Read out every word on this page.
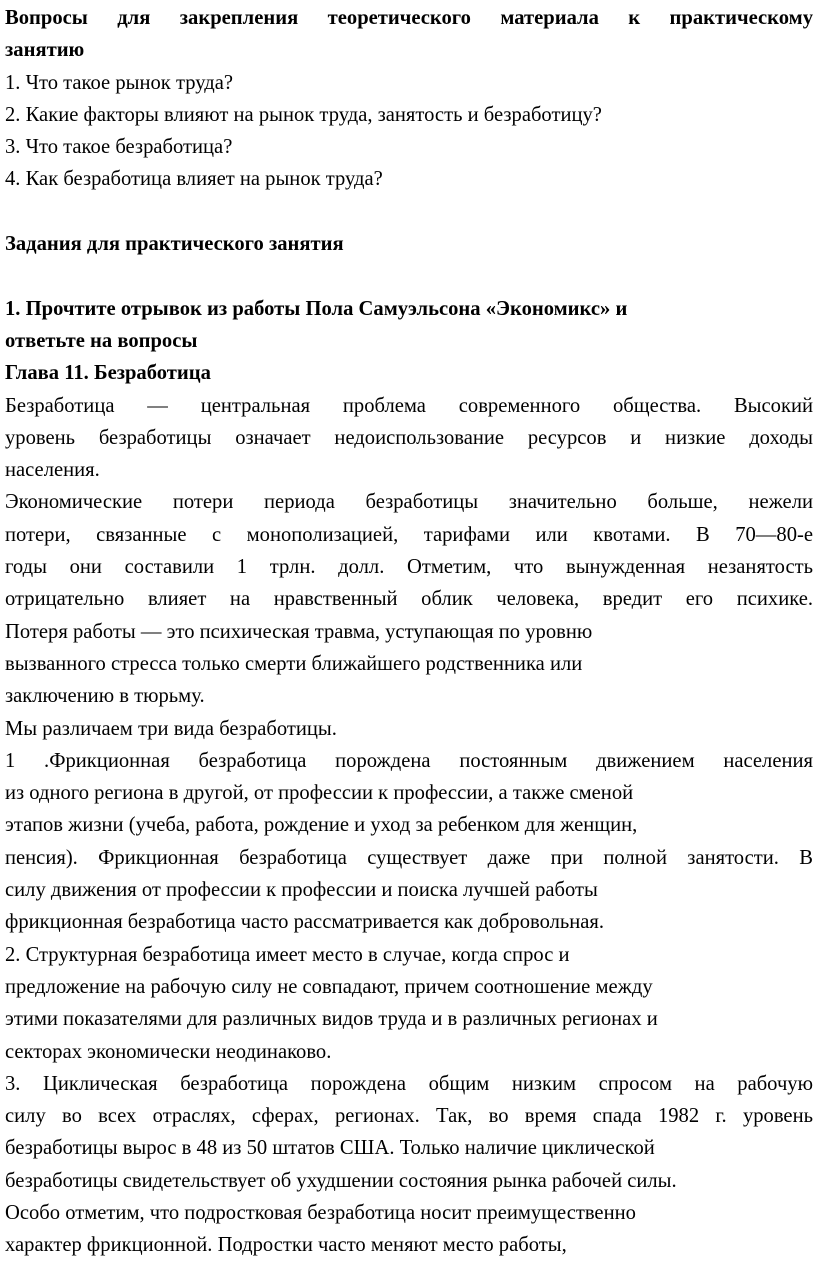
Вопросы для закрепления теоретического материала к практическому
занятию
1. Что такое рынок труда?
2. Какие факторы влияют на рынок труда, занятость и безработицу?
3. Что такое безработица?
4. Как безработица влияет на рынок труда?
Задания для практического занятия
1. Прочтите отрывок из работы Пола Самуэльсона «Экономикс» и
ответьте на вопросы
Глава 11. Безработица
Безработица — центральная проблема современного общества. Высокий
уровень безработицы означает недоиспользование ресурсов и низкие доходы
населения.
Экономические потери периода безработицы значительно больше, нежели
потери, связанные с монополизацией, тарифами или квотами. В 70—80-е
годы они составили 1 трлн. долл. Отметим, что вынужденная незанятость
отрицательно влияет на нравственный облик человека, вредит его психике.
Потеря работы — это психическая травма, уступающая по уровню
вызванного стресса только смерти ближайшего родственника или
заключению в тюрьму.
Мы различаем три вида безработицы.
1 .Фрикционная безработица порождена постоянным движением населения
из одного региона в другой, от профессии к профессии, а также сменой
этапов жизни (учеба, работа, рождение и уход за ребенком для женщин,
пенсия). Фрикционная безработица существует даже при полной занятости. В
силу движения от профессии к профессии и поиска лучшей работы
фрикционная безработица часто рассматривается как добровольная.
2. Структурная безработица имеет место в случае, когда спрос и
предложение на рабочую силу не совпадают, причем соотношение между
этими показателями для различных видов труда и в различных регионах и
секторах экономически неодинаково.
3. Циклическая безработица порождена общим низким спросом на рабочую
силу во всех отраслях, сферах, регионах. Так, во время спада 1982 г. уровень
безработицы вырос в 48 из 50 штатов США. Только наличие циклической
безработицы свидетельствует об ухудшении состояния рынка рабочей силы.
Особо отметим, что подростковая безработица носит преимущественно
характер фрикционной. Подростки часто меняют место работы,
